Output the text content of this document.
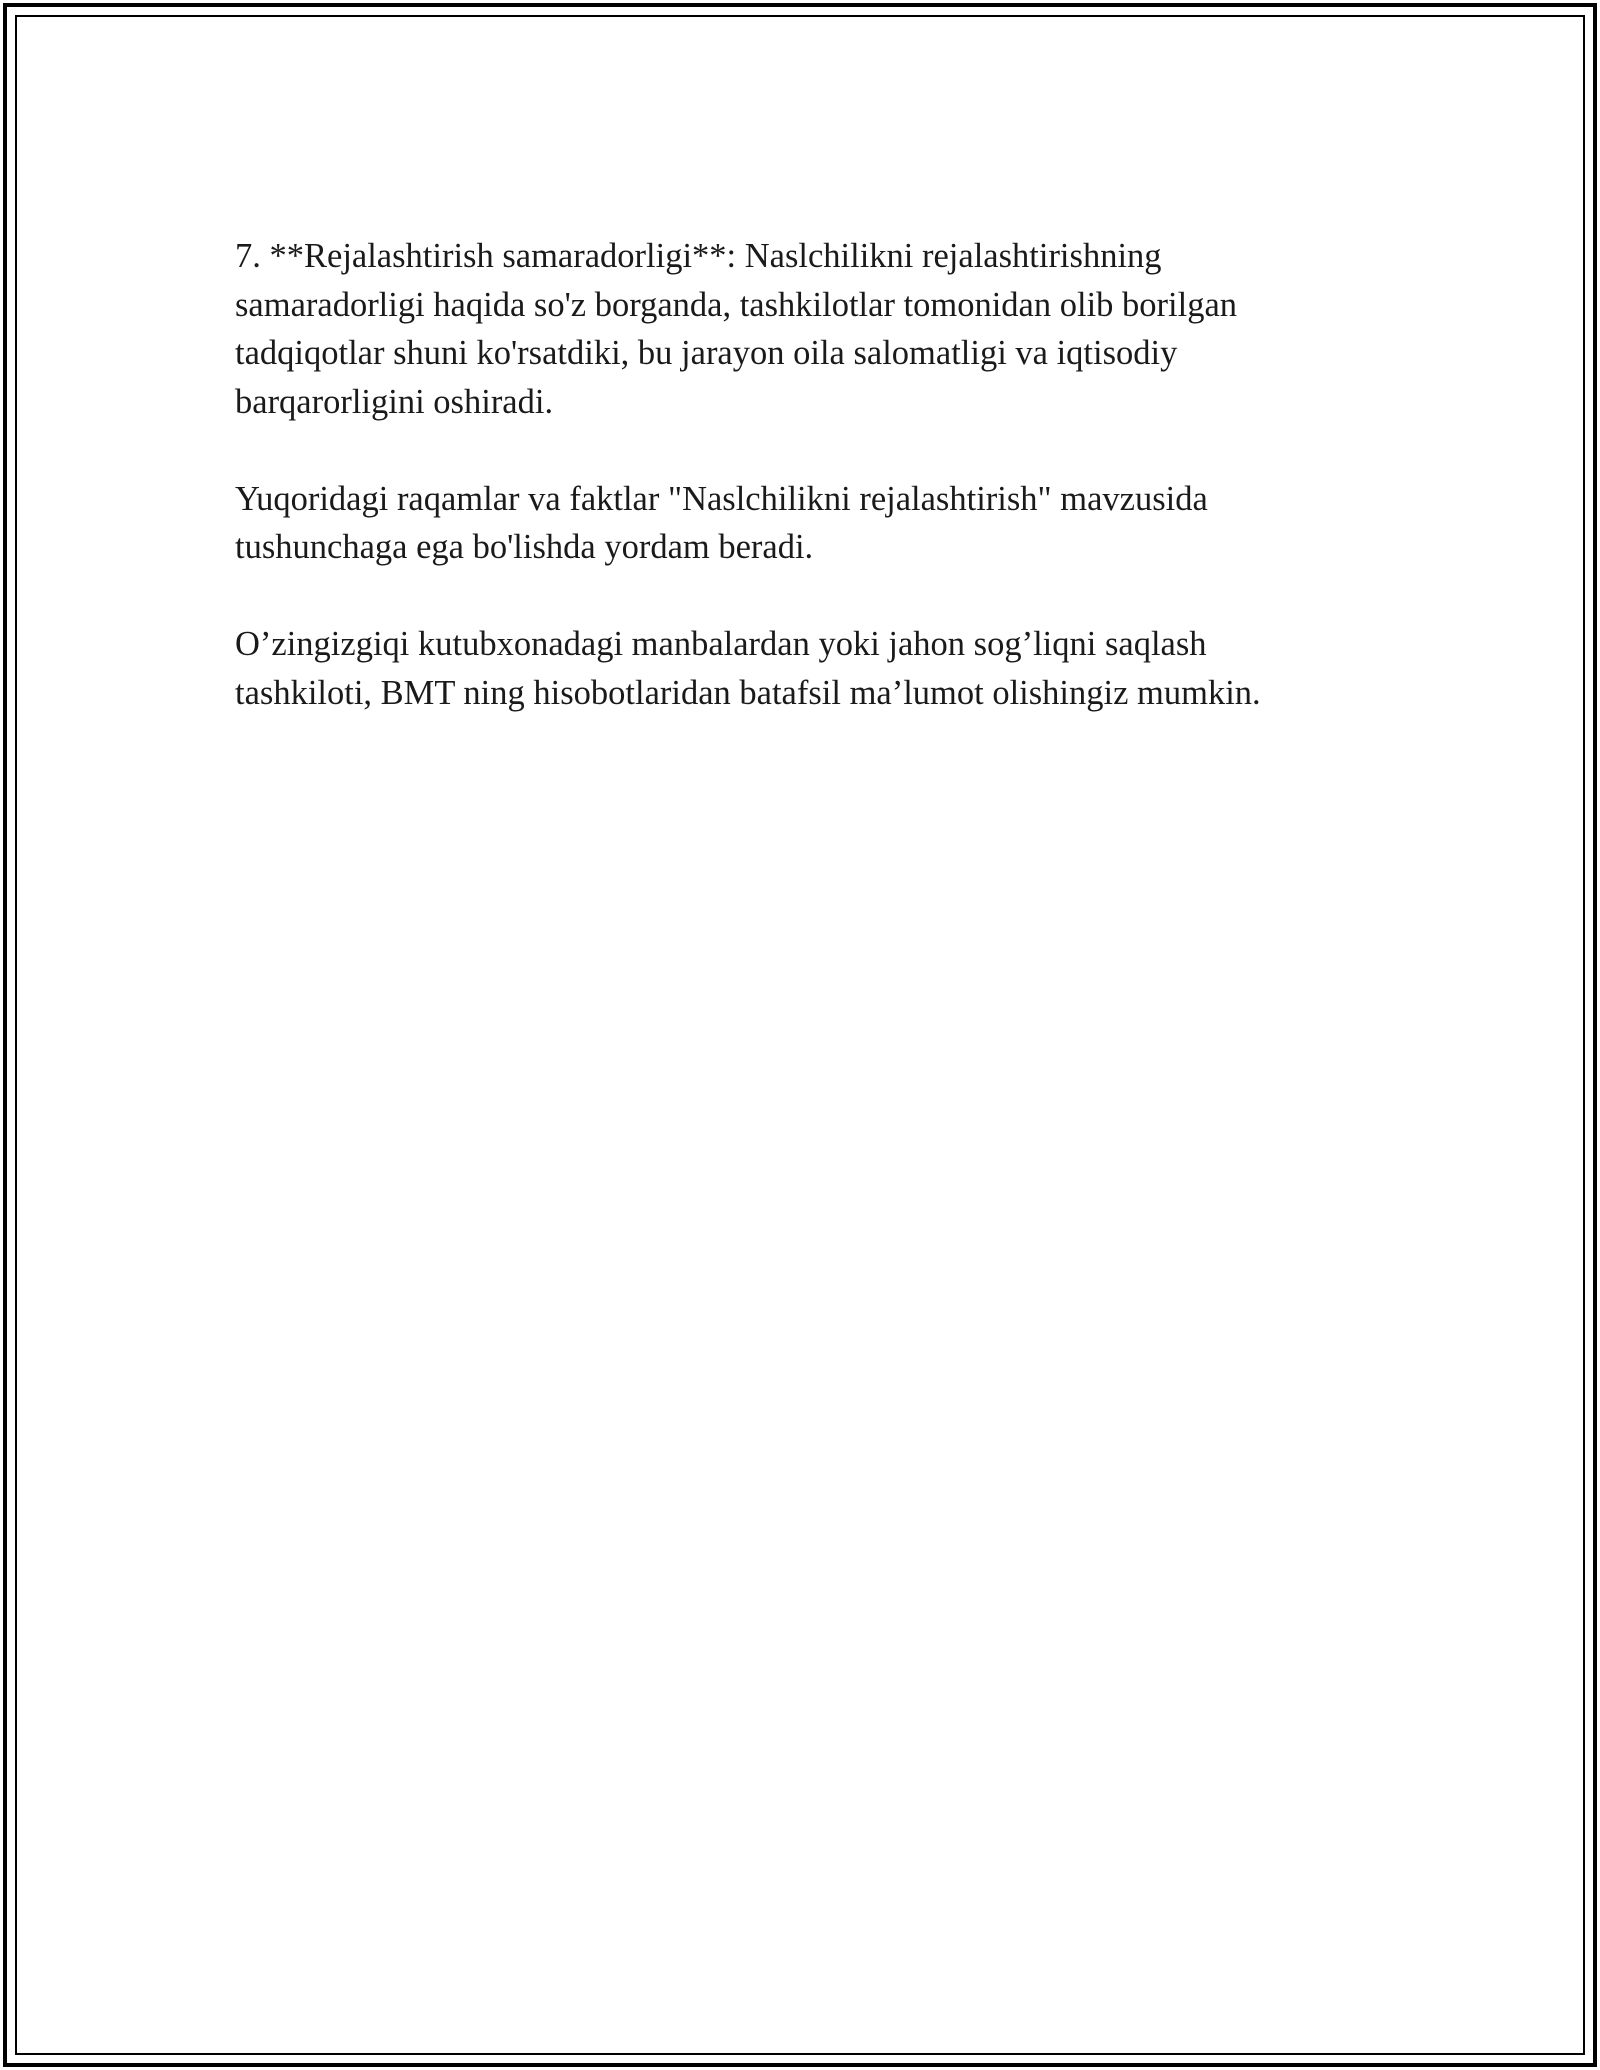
7. **Rejalashtirish samaradorligi**: Naslchilikni rejalashtirishning
samaradorligi haqida so'z borganda, tashkilotlar tomonidan olib borilgan
tadqiqotlar shuni ko'rsatdiki, bu jarayon oila salomatligi va iqtisodiy
barqarorligini oshiradi.

Yuqoridagi raqamlar va faktlar "Naslchilikni rejalashtirish" mavzusida
tushunchaga ega bo'lishda yordam beradi.

O’zingizgiqi kutubxonadagi manbalardan yoki jahon sog’liqni saqlash
tashkiloti, BMT ning hisobotlaridan batafsil ma’lumot olishingiz mumkin.
